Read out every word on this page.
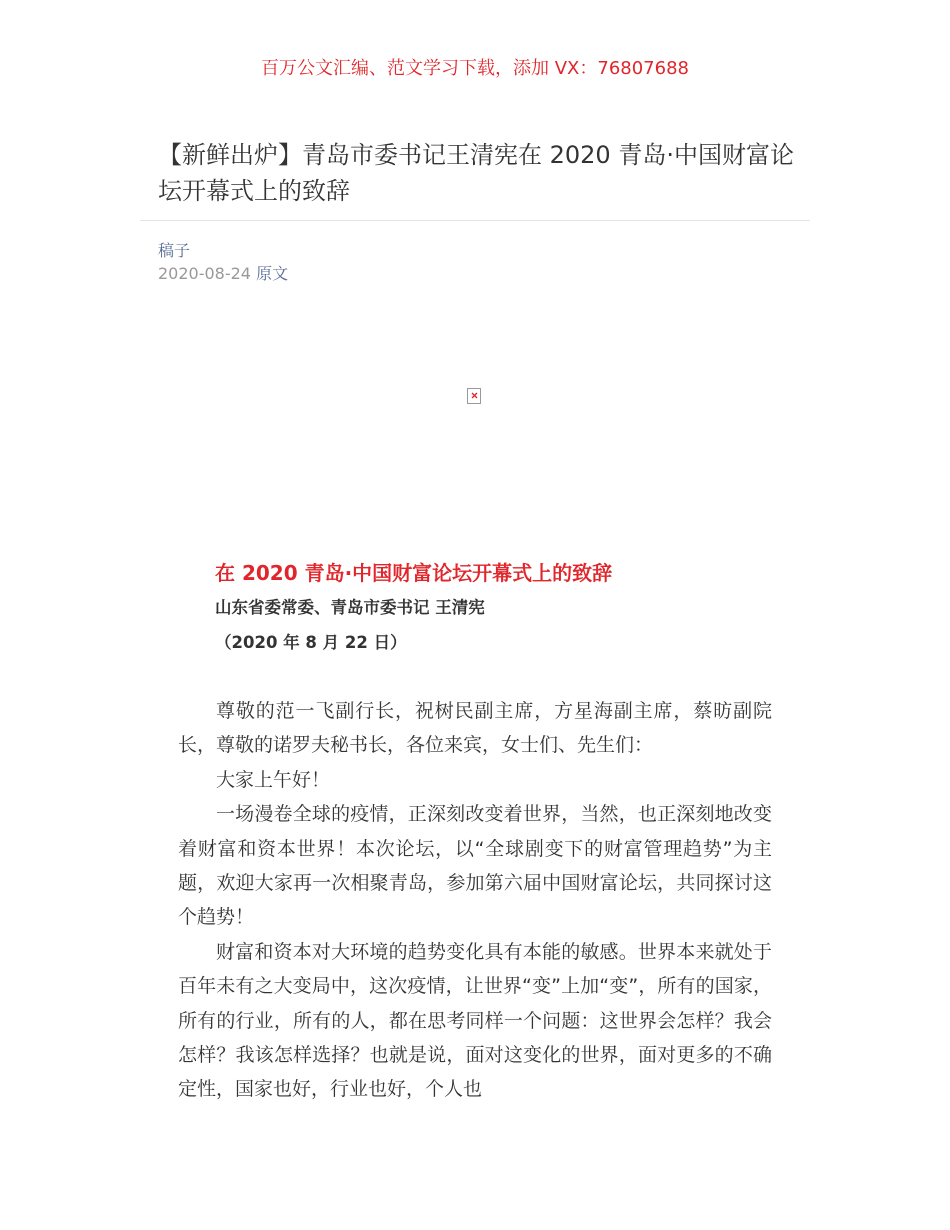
百万公文汇编、范文学习下载，添加 VX：76807688
【新鲜出炉】青岛市委书记王清宪在 2020 青岛·中国财富论坛开幕式上的致辞
稿子
2020-08-24 原文
在 2020 青岛·中国财富论坛开幕式上的致辞
山东省委常委、青岛市委书记 王清宪
（2020 年 8 月 22 日）

尊敬的范一飞副行长，祝树民副主席，方星海副主席，蔡昉副院长，尊敬的诺罗夫秘书长，各位来宾，女士们、先生们：

大家上午好！

一场漫卷全球的疫情，正深刻改变着世界，当然，也正深刻地改变着财富和资本世界！本次论坛，以“全球剧变下的财富管理趋势”为主题，欢迎大家再一次相聚青岛，参加第六届中国财富论坛，共同探讨这个趋势！

财富和资本对大环境的趋势变化具有本能的敏感。世界本来就处于百年未有之大变局中，这次疫情，让世界“变”上加“变”，所有的国家，所有的行业，所有的人，都在思考同样一个问题：这世界会怎样？我会怎样？我该怎样选择？也就是说，面对这变化的世界，面对更多的不确定性，国家也好，行业也好，个人也
